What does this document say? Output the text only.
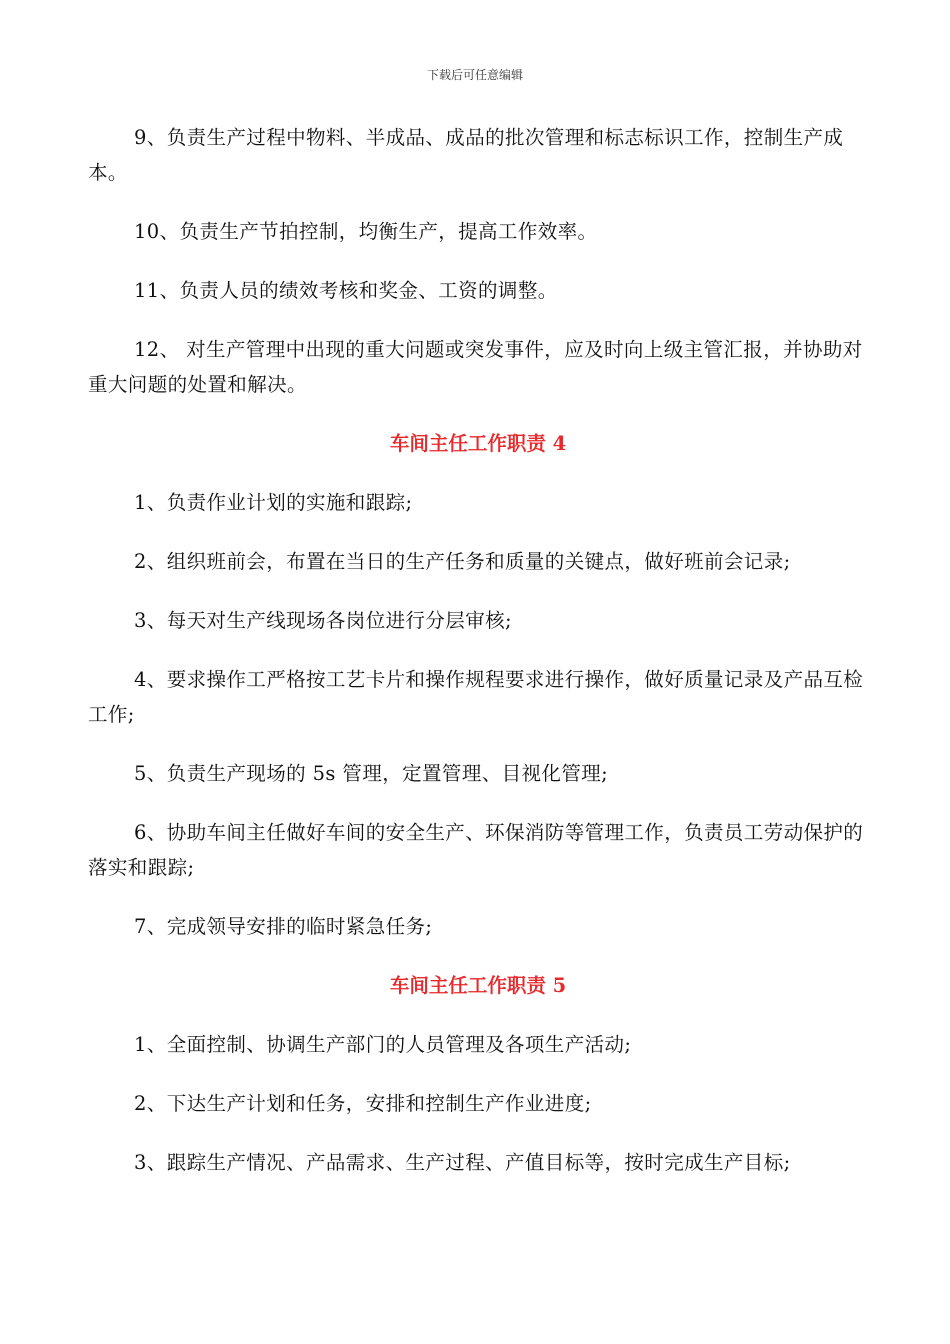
下载后可任意编辑

9、负责生产过程中物料、半成品、成品的批次管理和标志标识工作，控制生产成本。

10、负责生产节拍控制，均衡生产，提高工作效率。

11、负责人员的绩效考核和奖金、工资的调整。

12、 对生产管理中出现的重大问题或突发事件，应及时向上级主管汇报，并协助对重大问题的处置和解决。

车间主任工作职责 4

1、负责作业计划的实施和跟踪;

2、组织班前会，布置在当日的生产任务和质量的关键点，做好班前会记录;

3、每天对生产线现场各岗位进行分层审核;

4、要求操作工严格按工艺卡片和操作规程要求进行操作，做好质量记录及产品互检工作;

5、负责生产现场的 5s 管理，定置管理、目视化管理;

6、协助车间主任做好车间的安全生产、环保消防等管理工作，负责员工劳动保护的落实和跟踪;

7、完成领导安排的临时紧急任务;

车间主任工作职责 5

1、全面控制、协调生产部门的人员管理及各项生产活动;

2、下达生产计划和任务，安排和控制生产作业进度;

3、跟踪生产情况、产品需求、生产过程、产值目标等，按时完成生产目标;
